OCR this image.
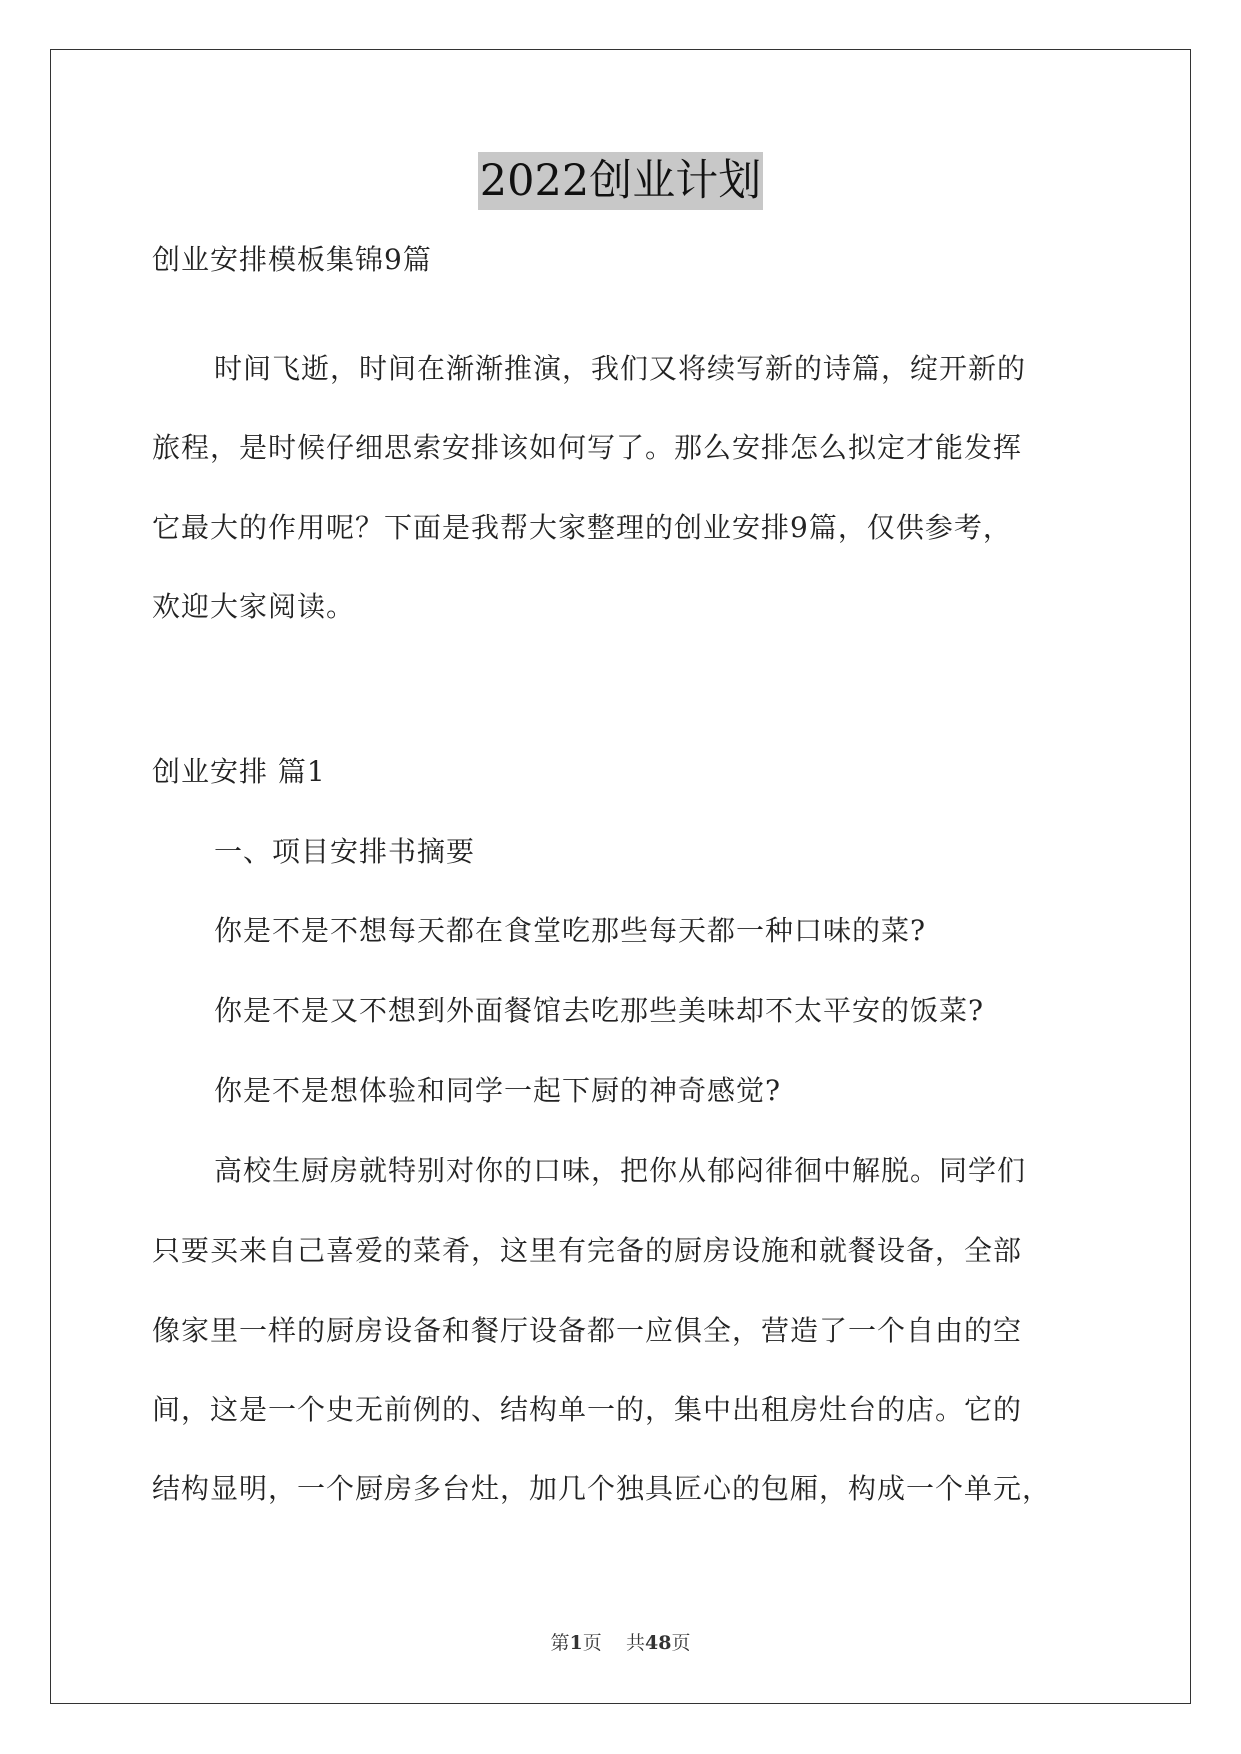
2022创业计划
创业安排模板集锦9篇
时间飞逝，时间在渐渐推演，我们又将续写新的诗篇，绽开新的
旅程，是时候仔细思索安排该如何写了。那么安排怎么拟定才能发挥
它最大的作用呢？下面是我帮大家整理的创业安排9篇，仅供参考，
欢迎大家阅读。
创业安排 篇1
一、项目安排书摘要
你是不是不想每天都在食堂吃那些每天都一种口味的菜?
你是不是又不想到外面餐馆去吃那些美味却不太平安的饭菜?
你是不是想体验和同学一起下厨的神奇感觉?
高校生厨房就特别对你的口味，把你从郁闷徘徊中解脱。同学们
只要买来自己喜爱的菜肴，这里有完备的厨房设施和就餐设备，全部
像家里一样的厨房设备和餐厅设备都一应俱全，营造了一个自由的空
间，这是一个史无前例的、结构单一的，集中出租房灶台的店。它的
结构显明，一个厨房多台灶，加几个独具匠心的包厢，构成一个单元，
第1页 共48页
